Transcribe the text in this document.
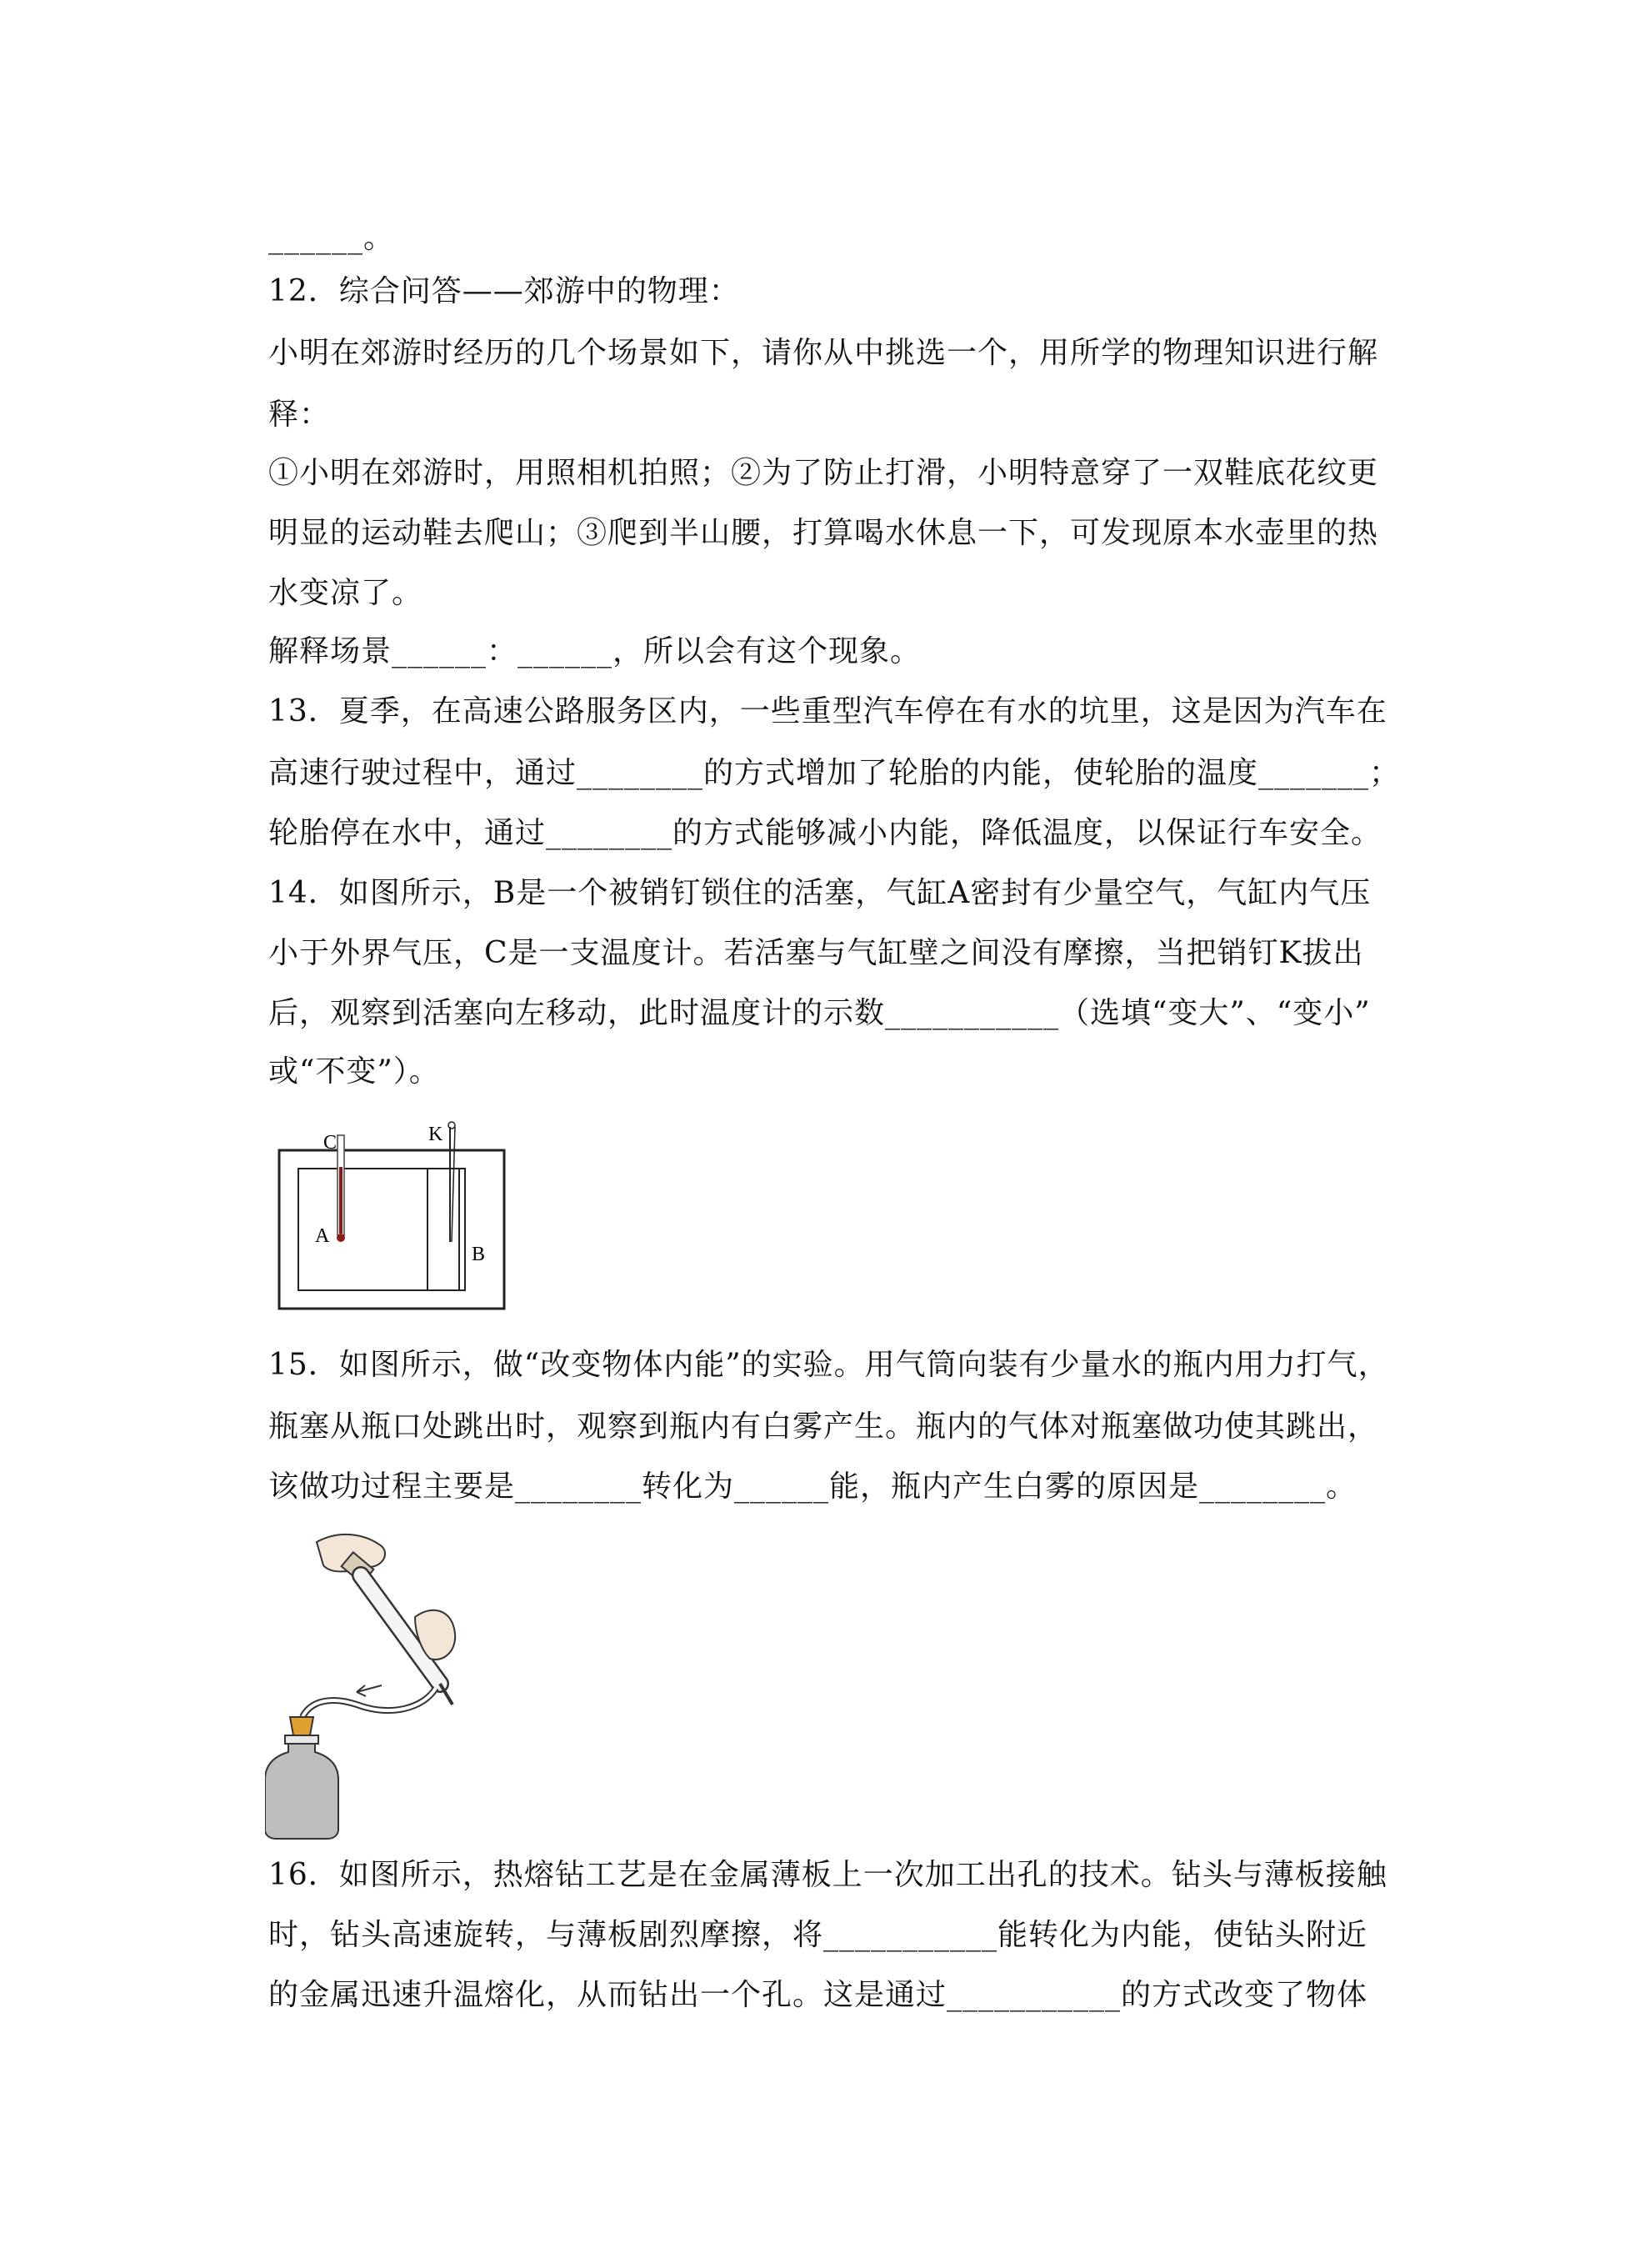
______。
12．综合问答——郊游中的物理：
小明在郊游时经历的几个场景如下，请你从中挑选一个，用所学的物理知识进行解
释：
①小明在郊游时，用照相机拍照；②为了防止打滑，小明特意穿了一双鞋底花纹更
明显的运动鞋去爬山；③爬到半山腰，打算喝水休息一下，可发现原本水壶里的热
水变凉了。
解释场景______：______，所以会有这个现象。
13．夏季，在高速公路服务区内，一些重型汽车停在有水的坑里，这是因为汽车在
高速行驶过程中，通过________的方式增加了轮胎的内能，使轮胎的温度_______；
轮胎停在水中，通过________的方式能够减小内能，降低温度，以保证行车安全。
14．如图所示，B是一个被销钉锁住的活塞，气缸A密封有少量空气，气缸内气压
小于外界气压，C是一支温度计。若活塞与气缸壁之间没有摩擦，当把销钉K拔出
后，观察到活塞向左移动，此时温度计的示数___________（选填“变大”、“变小”
或“不变”）。
C	K
A
B
15．如图所示，做“改变物体内能”的实验。用气筒向装有少量水的瓶内用力打气，
瓶塞从瓶口处跳出时，观察到瓶内有白雾产生。瓶内的气体对瓶塞做功使其跳出，
该做功过程主要是________转化为______能，瓶内产生白雾的原因是________。
16．如图所示，热熔钻工艺是在金属薄板上一次加工出孔的技术。钻头与薄板接触
时，钻头高速旋转，与薄板剧烈摩擦，将___________能转化为内能，使钻头附近
的金属迅速升温熔化，从而钻出一个孔。这是通过___________的方式改变了物体
